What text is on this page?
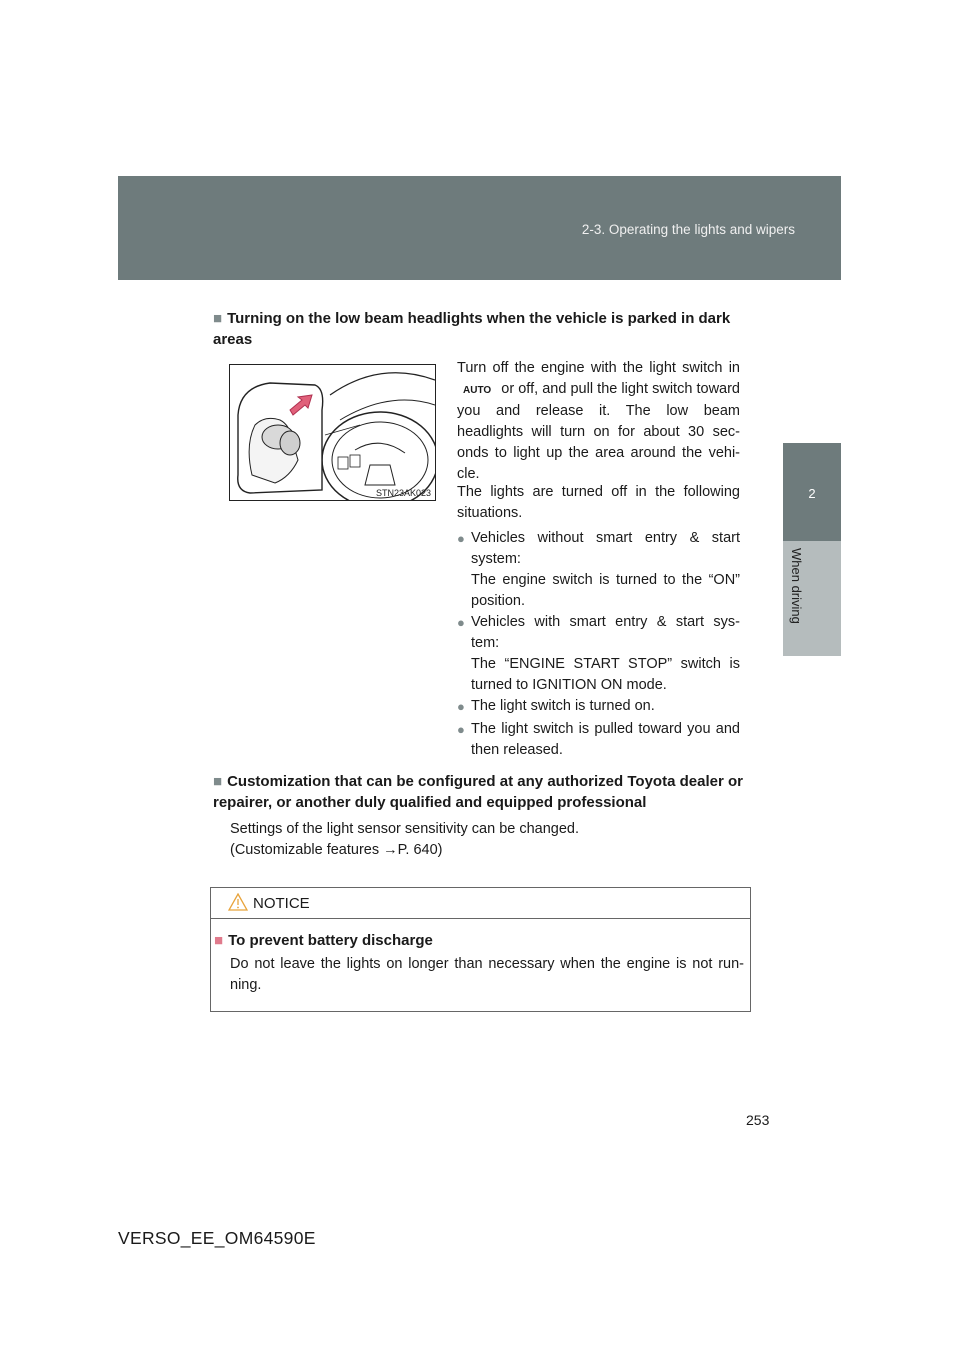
2-3. Operating the lights and wipers
2
When driving
■ Turning on the low beam headlights when the vehicle is parked in dark areas
STN23AK023
Turn off the engine with the light switch in AUTO or off, and pull the light switch toward you and release it. The low beam headlights will turn on for about 30 sec- onds to light up the area around the vehi- cle.
The lights are turned off in the following situations.
● Vehicles without smart entry & start system:
The engine switch is turned to the “ON” position.
● Vehicles with smart entry & start sys- tem:
The “ENGINE START STOP” switch is turned to IGNITION ON mode.
● The light switch is turned on.
● The light switch is pulled toward you and then released.
■ Customization that can be configured at any authorized Toyota dealer or repairer, or another duly qualified and equipped professional
Settings of the light sensor sensitivity can be changed.
(Customizable features →P. 640)
NOTICE
■ To prevent battery discharge
Do not leave the lights on longer than necessary when the engine is not run- ning.
253
VERSO_EE_OM64590E
